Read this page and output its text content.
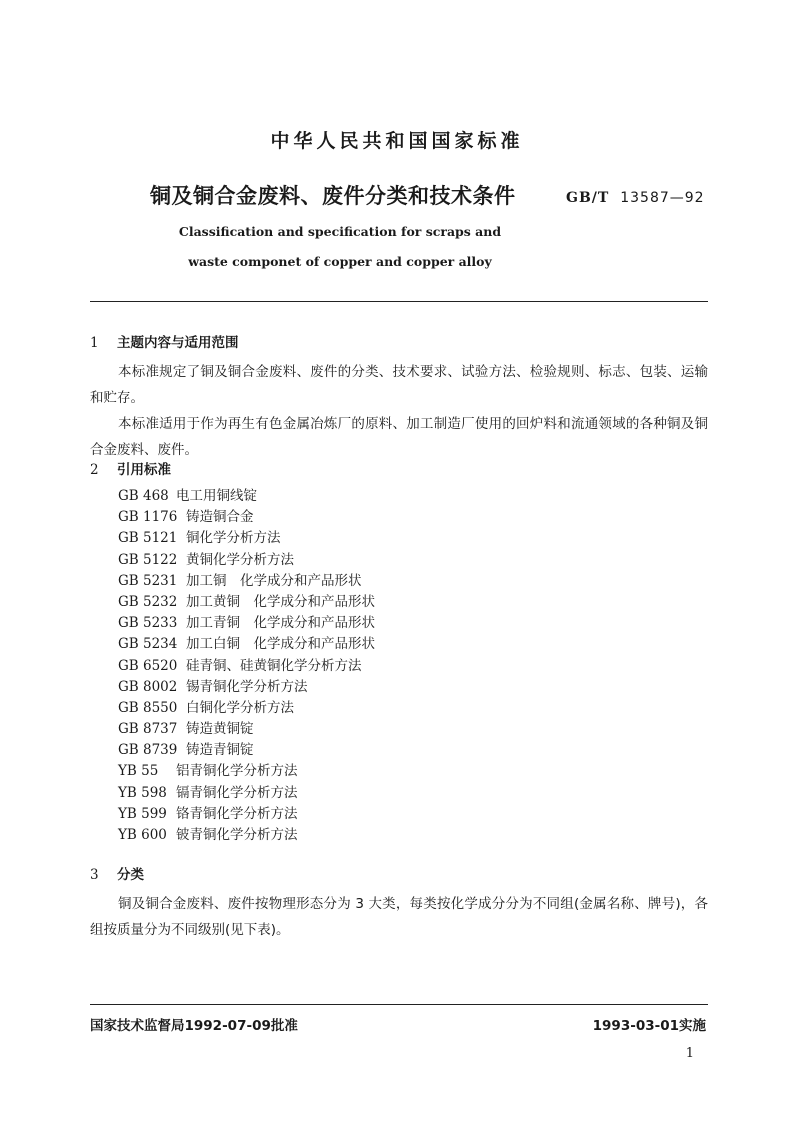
中华人民共和国国家标准
铜及铜合金废料、废件分类和技术条件	GB/T 13587—92
Classification and specification for scraps and
waste componet of copper and copper alloy
1 主题内容与适用范围
本标准规定了铜及铜合金废料、废件的分类、技术要求、试验方法、检验规则、标志、包装、运输和贮存。
本标准适用于作为再生有色金属冶炼厂的原料、加工制造厂使用的回炉料和流通领域的各种铜及铜合金废料、废件。
2 引用标准
GB 468 电工用铜线锭
GB 1176 铸造铜合金
GB 5121 铜化学分析方法
GB 5122 黄铜化学分析方法
GB 5231 加工铜　化学成分和产品形状
GB 5232 加工黄铜　化学成分和产品形状
GB 5233 加工青铜　化学成分和产品形状
GB 5234 加工白铜　化学成分和产品形状
GB 6520 硅青铜、硅黄铜化学分析方法
GB 8002 锡青铜化学分析方法
GB 8550 白铜化学分析方法
GB 8737 铸造黄铜锭
GB 8739 铸造青铜锭
YB 55 铝青铜化学分析方法
YB 598 镉青铜化学分析方法
YB 599 铬青铜化学分析方法
YB 600 铍青铜化学分析方法
3 分类
铜及铜合金废料、废件按物理形态分为 3 大类，每类按化学成分分为不同组(金属名称、牌号)，各组按质量分为不同级别(见下表)。
国家技术监督局1992-07-09批准	1993-03-01实施
1
